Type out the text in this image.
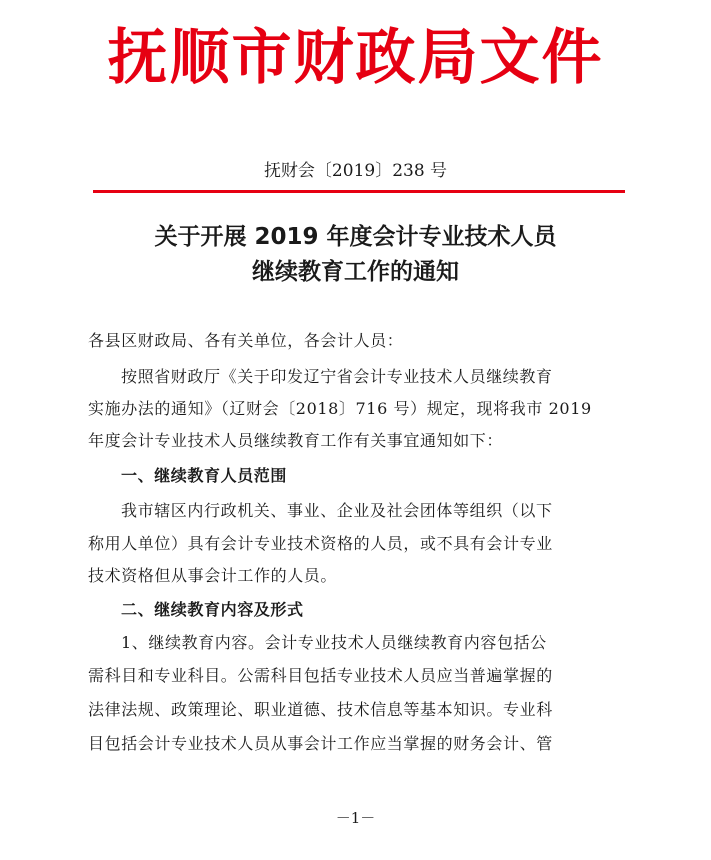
抚顺市财政局文件
抚财会〔2019〕238 号
关于开展 2019 年度会计专业技术人员
继续教育工作的通知
各县区财政局、各有关单位，各会计人员：
按照省财政厅《关于印发辽宁省会计专业技术人员继续教育
实施办法的通知》（辽财会〔2018〕716 号）规定，现将我市 2019
年度会计专业技术人员继续教育工作有关事宜通知如下：
一、继续教育人员范围
我市辖区内行政机关、事业、企业及社会团体等组织（以下
称用人单位）具有会计专业技术资格的人员，或不具有会计专业
技术资格但从事会计工作的人员。
二、继续教育内容及形式
1、继续教育内容。会计专业技术人员继续教育内容包括公
需科目和专业科目。公需科目包括专业技术人员应当普遍掌握的
法律法规、政策理论、职业道德、技术信息等基本知识。专业科
目包括会计专业技术人员从事会计工作应当掌握的财务会计、管
－1－
